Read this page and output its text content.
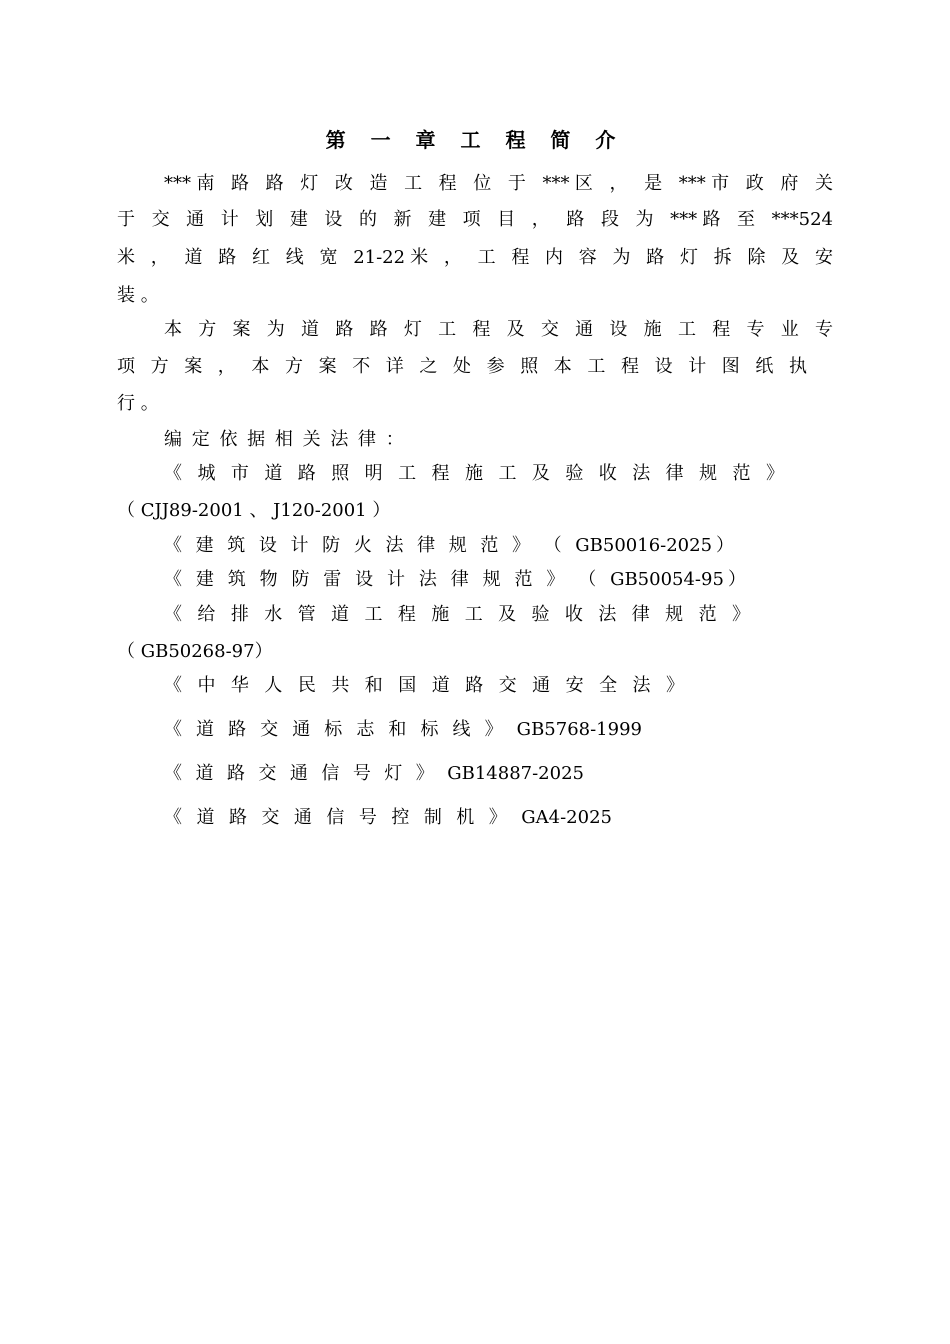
第 一 章 工 程 简 介

***南 路 路 灯 改 造 工 程 位 于 ***区 ， 是 ***市 政 府 关

于 交 通 计 划 建 设 的 新 建 项 目 ， 路 段 为 ***路 至 ***524

米 ， 道 路 红 线 宽 21-22米 ， 工 程 内 容 为 路 灯 拆 除 及 安

装 。

本 方 案 为 道 路 路 灯 工 程 及 交 通 设 施 工 程 专 业 专

项 方 案 ， 本 方 案 不 详 之 处 参 照 本 工 程 设 计 图 纸 执

行 。

编 定 依 据 相 关 法 律 ：

《 城 市 道 路 照 明 工 程 施 工 及 验 收 法 律 规 范 》

（ CJJ89-2001 、 J120-2001 ）

《 建 筑 设 计 防 火 法 律 规 范 》 （ GB50016-2025）

《 建 筑 物 防 雷 设 计 法 律 规 范 》 （ GB50054-95）

《 给 排 水 管 道 工 程 施 工 及 验 收 法 律 规 范 》

（ GB50268-97）

《 中 华 人 民 共 和 国 道 路 交 通 安 全 法 》

《 道 路 交 通 标 志 和 标 线 》 GB5768-1999

《 道 路 交 通 信 号 灯 》 GB14887-2025

《 道 路 交 通 信 号 控 制 机 》 GA4-2025
